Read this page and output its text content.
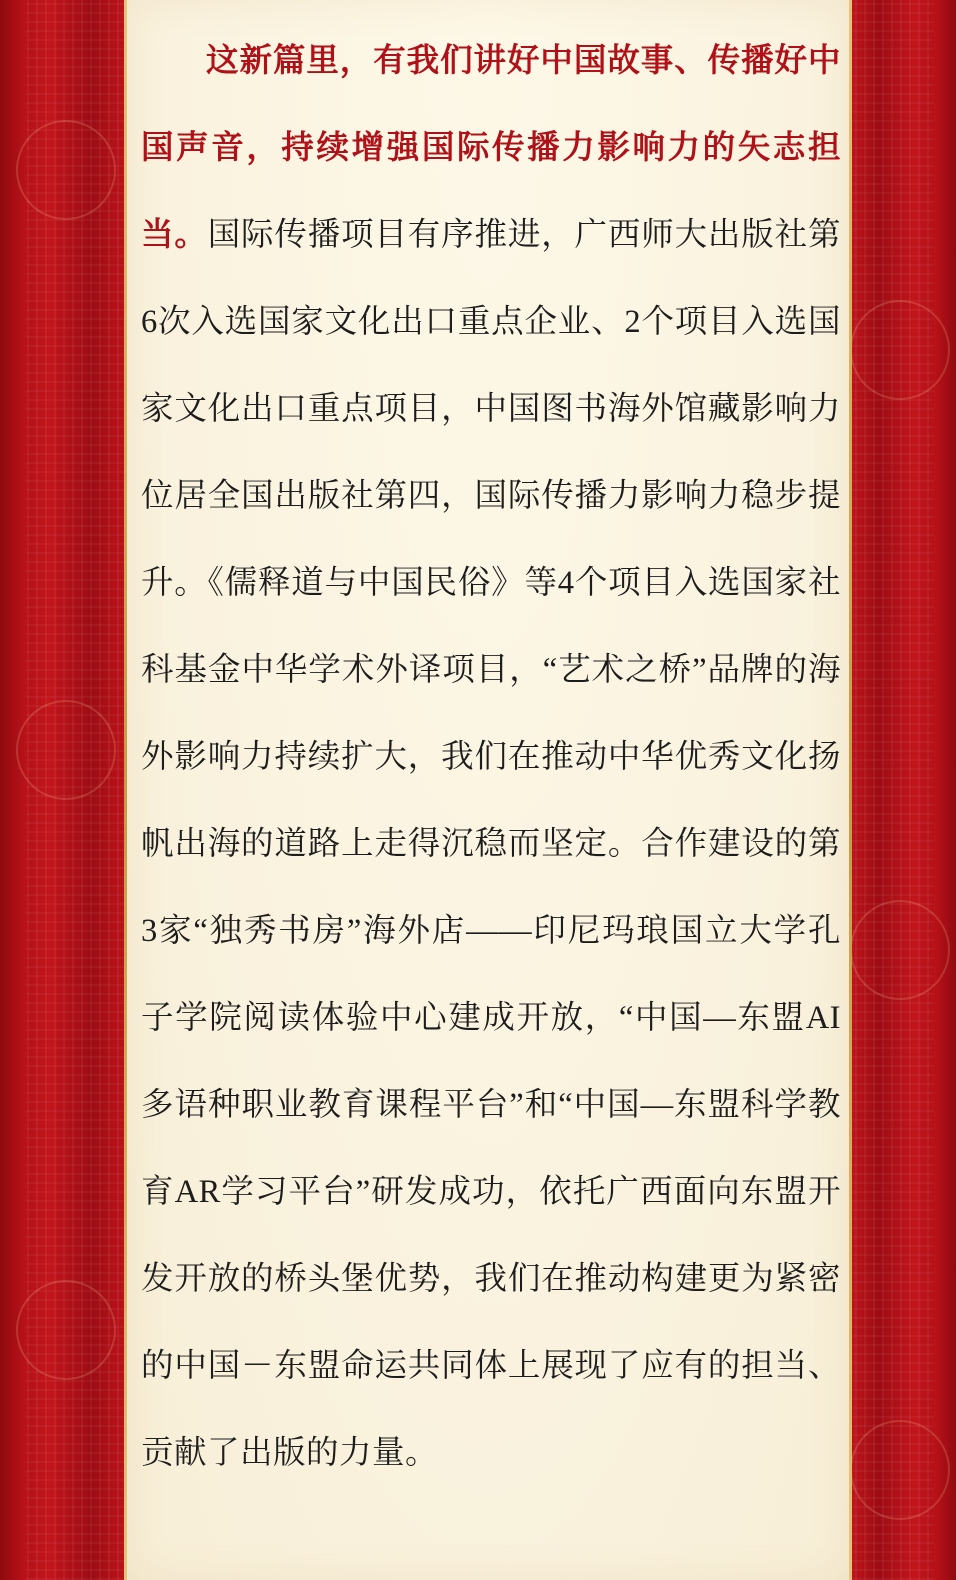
这新篇里，有我们讲好中国故事、传播好中国声音，持续增强国际传播力影响力的矢志担当。国际传播项目有序推进，广西师大出版社第6次入选国家文化出口重点企业、2个项目入选国家文化出口重点项目，中国图书海外馆藏影响力位居全国出版社第四，国际传播力影响力稳步提升。《儒释道与中国民俗》等4个项目入选国家社科基金中华学术外译项目，“艺术之桥”品牌的海外影响力持续扩大，我们在推动中华优秀文化扬帆出海的道路上走得沉稳而坚定。合作建设的第3家“独秀书房”海外店——印尼玛琅国立大学孔子学院阅读体验中心建成开放，“中国—东盟AI多语种职业教育课程平台”和“中国—东盟科学教育AR学习平台”研发成功，依托广西面向东盟开发开放的桥头堡优势，我们在推动构建更为紧密的中国－东盟命运共同体上展现了应有的担当、贡献了出版的力量。
